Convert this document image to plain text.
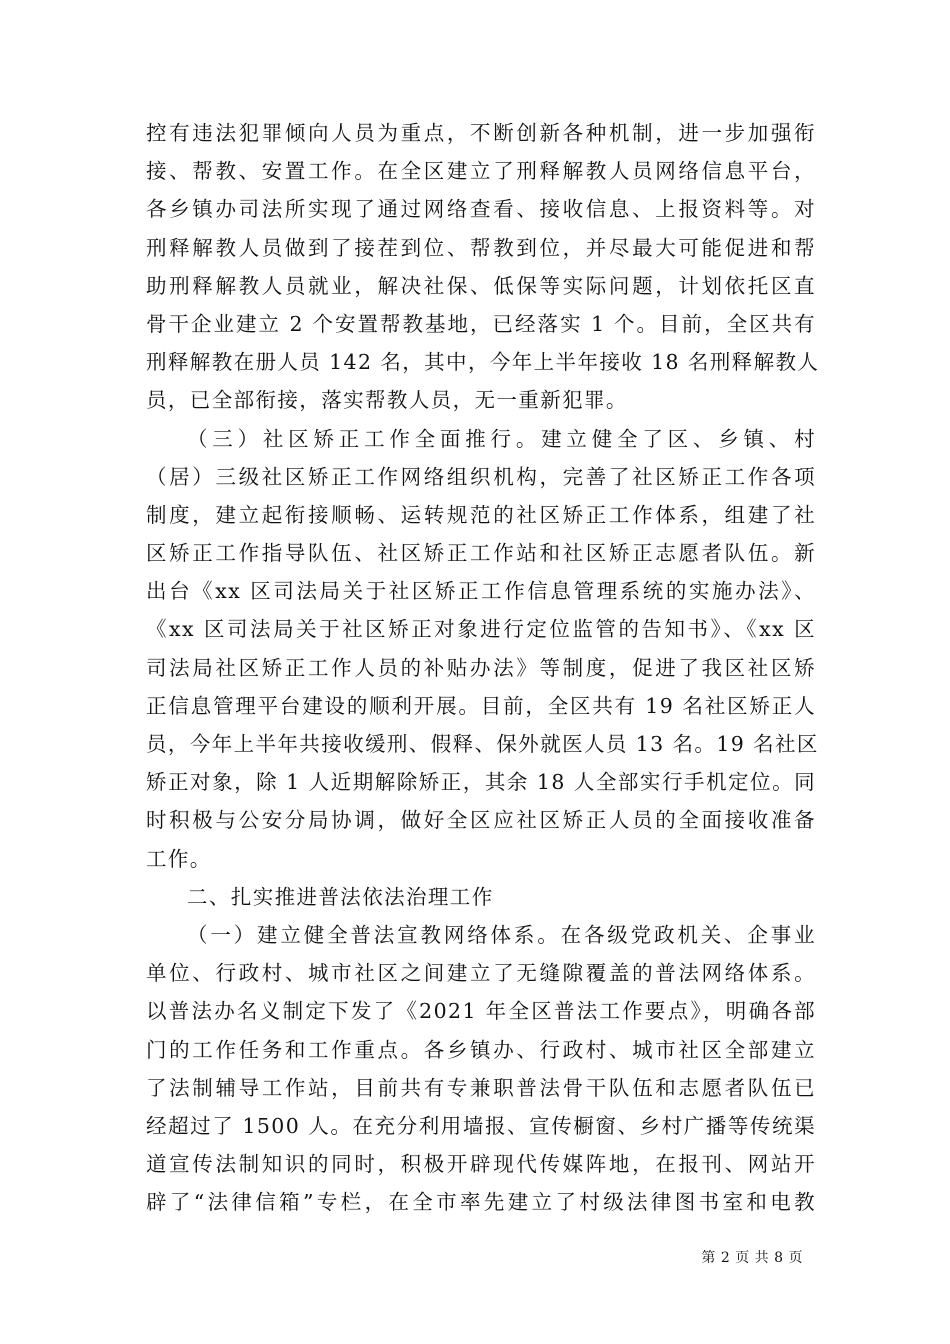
控有违法犯罪倾向人员为重点，不断创新各种机制，进一步加强衔
接、帮教、安置工作。在全区建立了刑释解教人员网络信息平台，
各乡镇办司法所实现了通过网络查看、接收信息、上报资料等。对
刑释解教人员做到了接茬到位、帮教到位，并尽最大可能促进和帮
助刑释解教人员就业，解决社保、低保等实际问题，计划依托区直
骨干企业建立 2 个安置帮教基地，已经落实 1 个。目前，全区共有
刑释解教在册人员 142 名，其中，今年上半年接收 18 名刑释解教人
员，已全部衔接，落实帮教人员，无一重新犯罪。
（三）社区矫正工作全面推行。建立健全了区、乡镇、村
（居）三级社区矫正工作网络组织机构，完善了社区矫正工作各项
制度，建立起衔接顺畅、运转规范的社区矫正工作体系，组建了社
区矫正工作指导队伍、社区矫正工作站和社区矫正志愿者队伍。新
出台《xx 区司法局关于社区矫正工作信息管理系统的实施办法》、
《xx 区司法局关于社区矫正对象进行定位监管的告知书》、《xx 区
司法局社区矫正工作人员的补贴办法》等制度，促进了我区社区矫
正信息管理平台建设的顺利开展。目前，全区共有 19 名社区矫正人
员，今年上半年共接收缓刑、假释、保外就医人员 13 名。19 名社区
矫正对象，除 1 人近期解除矫正，其余 18 人全部实行手机定位。同
时积极与公安分局协调，做好全区应社区矫正人员的全面接收准备
工作。
二、扎实推进普法依法治理工作
（一）建立健全普法宣教网络体系。在各级党政机关、企事业
单位、行政村、城市社区之间建立了无缝隙覆盖的普法网络体系。
以普法办名义制定下发了《2021 年全区普法工作要点》，明确各部
门的工作任务和工作重点。各乡镇办、行政村、城市社区全部建立
了法制辅导工作站，目前共有专兼职普法骨干队伍和志愿者队伍已
经超过了 1500 人。在充分利用墙报、宣传橱窗、乡村广播等传统渠
道宣传法制知识的同时，积极开辟现代传媒阵地，在报刊、网站开
辟了“法律信箱”专栏，在全市率先建立了村级法律图书室和电教
第 2 页 共 8 页
